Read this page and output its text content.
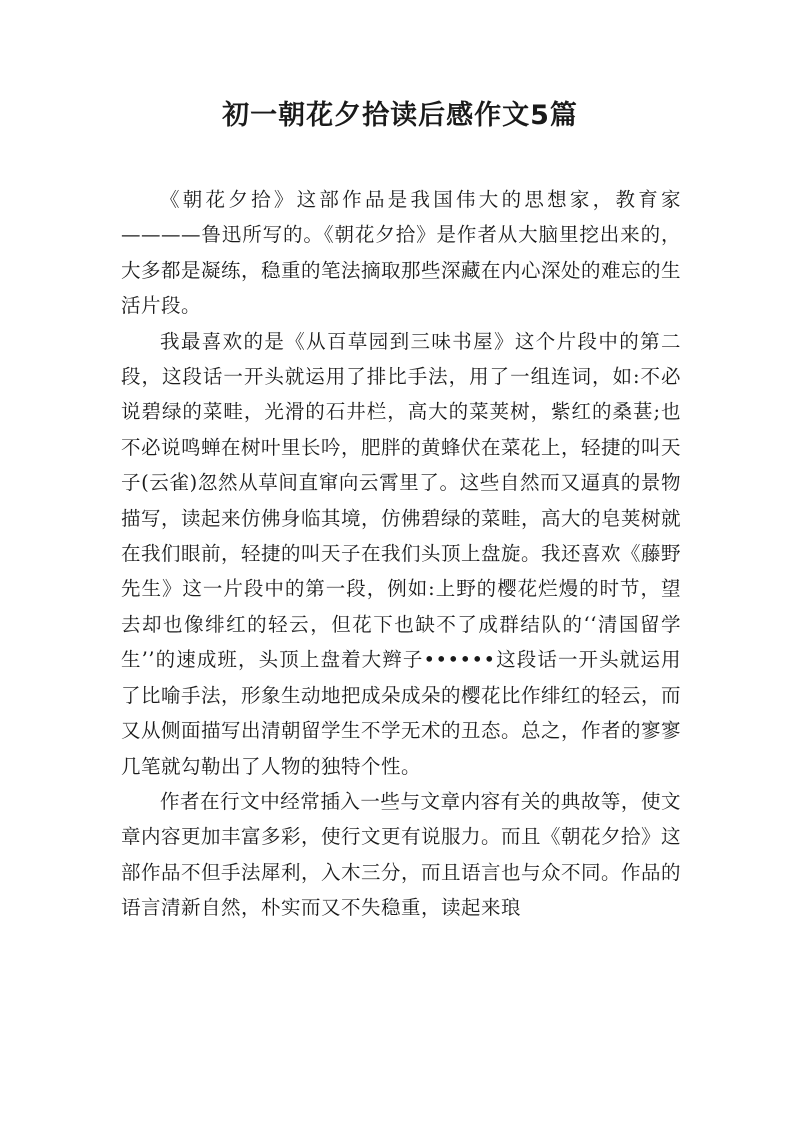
初一朝花夕拾读后感作文5篇

《朝花夕拾》这部作品是我国伟大的思想家，教育家————鲁迅所写的。《朝花夕拾》是作者从大脑里挖出来的，大多都是凝练，稳重的笔法摘取那些深藏在内心深处的难忘的生活片段。

我最喜欢的是《从百草园到三味书屋》这个片段中的第二段，这段话一开头就运用了排比手法，用了一组连词，如:不必说碧绿的菜畦，光滑的石井栏，高大的菜荚树，紫红的桑葚;也不必说鸣蝉在树叶里长吟，肥胖的黄蜂伏在菜花上，轻捷的叫天子(云雀)忽然从草间直窜向云霄里了。这些自然而又逼真的景物描写，读起来仿佛身临其境，仿佛碧绿的菜畦，高大的皂荚树就在我们眼前，轻捷的叫天子在我们头顶上盘旋。我还喜欢《藤野先生》这一片段中的第一段，例如:上野的樱花烂熳的时节，望去却也像绯红的轻云，但花下也缺不了成群结队的‘‘清国留学生’’的速成班，头顶上盘着大辫子••••••这段话一开头就运用了比喻手法，形象生动地把成朵成朵的樱花比作绯红的轻云，而又从侧面描写出清朝留学生不学无术的丑态。总之，作者的寥寥几笔就勾勒出了人物的独特个性。

作者在行文中经常插入一些与文章内容有关的典故等，使文章内容更加丰富多彩，使行文更有说服力。而且《朝花夕拾》这部作品不但手法犀利，入木三分，而且语言也与众不同。作品的语言清新自然，朴实而又不失稳重，读起来琅
